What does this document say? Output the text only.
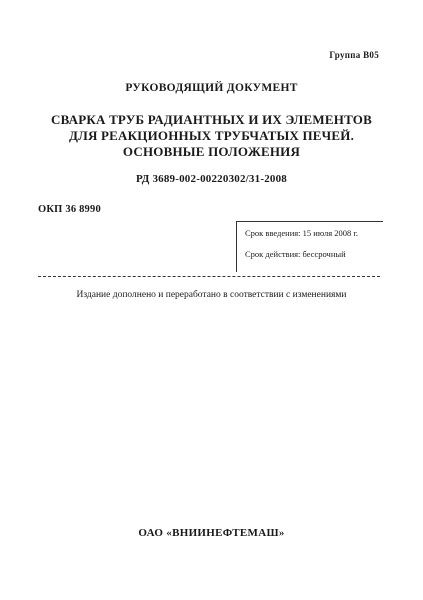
Группа В05
РУКОВОДЯЩИЙ ДОКУМЕНТ
СВАРКА ТРУБ РАДИАНТНЫХ И ИХ ЭЛЕМЕНТОВ
ДЛЯ РЕАКЦИОННЫХ ТРУБЧАТЫХ ПЕЧЕЙ.
ОСНОВНЫЕ ПОЛОЖЕНИЯ
РД 3689-002-00220302/31-2008
ОКП 36 8990
Срок введения: 15 июля 2008 г.
Срок действия: бессрочный
Издание дополнено и переработано в соответствии с изменениями
ОАО «ВНИИНЕФТЕМАШ»
